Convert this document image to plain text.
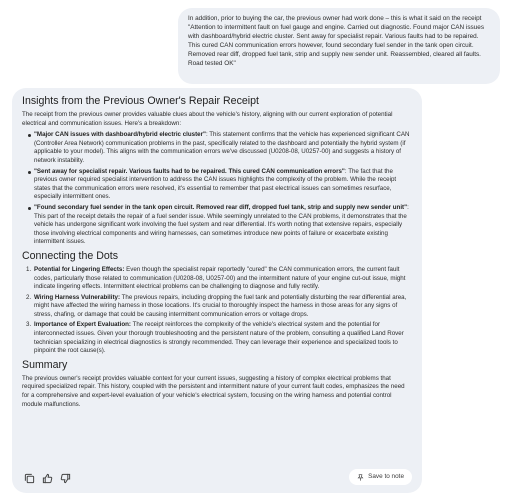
In addition, prior to buying the car, the previous owner had work done – this is what it said on the receipt "Attention to intermittent fault on fuel gauge and engine. Carried out diagnostic. Found major CAN issues with dashboard/hybrid electric cluster. Sent away for specialist repair. Various faults had to be repaired. This cured CAN communication errors however, found secondary fuel sender in the tank open circuit. Removed rear diff, dropped fuel tank, strip and supply new sender unit. Reassembled, cleared all faults. Road tested OK"

Insights from the Previous Owner's Repair Receipt

The receipt from the previous owner provides valuable clues about the vehicle's history, aligning with our current exploration of potential electrical and communication issues. Here's a breakdown:

"Major CAN issues with dashboard/hybrid electric cluster": This statement confirms that the vehicle has experienced significant CAN (Controller Area Network) communication problems in the past, specifically related to the dashboard and potentially the hybrid system (if applicable to your model). This aligns with the communication errors we've discussed (U0208-08, U0257-00) and suggests a history of network instability.
"Sent away for specialist repair. Various faults had to be repaired. This cured CAN communication errors": The fact that the previous owner required specialist intervention to address the CAN issues highlights the complexity of the problem. While the receipt states that the communication errors were resolved, it's essential to remember that past electrical issues can sometimes resurface, especially intermittent ones.
"Found secondary fuel sender in the tank open circuit. Removed rear diff, dropped fuel tank, strip and supply new sender unit": This part of the receipt details the repair of a fuel sender issue. While seemingly unrelated to the CAN problems, it demonstrates that the vehicle has undergone significant work involving the fuel system and rear differential. It's worth noting that extensive repairs, especially those involving electrical components and wiring harnesses, can sometimes introduce new points of failure or exacerbate existing intermittent issues.
Connecting the Dots
1. Potential for Lingering Effects: Even though the specialist repair reportedly "cured" the CAN communication errors, the current fault codes, particularly those related to communication (U0208-08, U0257-00) and the intermittent nature of your engine cut-out issue, might indicate lingering effects. Intermittent electrical problems can be challenging to diagnose and fully rectify.
2. Wiring Harness Vulnerability: The previous repairs, including dropping the fuel tank and potentially disturbing the rear differential area, might have affected the wiring harness in those locations. It's crucial to thoroughly inspect the harness in those areas for any signs of stress, chafing, or damage that could be causing intermittent communication errors or voltage drops.
3. Importance of Expert Evaluation: The receipt reinforces the complexity of the vehicle's electrical system and the potential for interconnected issues. Given your thorough troubleshooting and the persistent nature of the problem, consulting a qualified Land Rover technician specializing in electrical diagnostics is strongly recommended. They can leverage their experience and specialized tools to pinpoint the root cause(s).
Summary

The previous owner's receipt provides valuable context for your current issues, suggesting a history of complex electrical problems that required specialized repair. This history, coupled with the persistent and intermittent nature of your current fault codes, emphasizes the need for a comprehensive and expert-level evaluation of your vehicle's electrical system, focusing on the wiring harness and potential control module malfunctions.

Save to note
